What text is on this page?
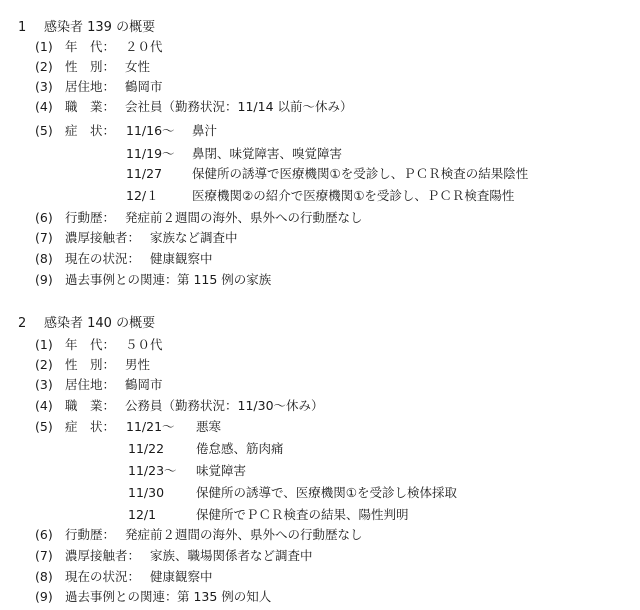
1 感染者 139 の概要
(1) 年　代： ２０代
(2) 性　別： 女性
(3) 居住地： 鶴岡市
(4) 職　業： 会社員（勤務状況：11/14 以前～休み）
(5) 症　状： 11/16～ 鼻汁
11/19～ 鼻閉、味覚障害、嗅覚障害
11/27 保健所の誘導で医療機関①を受診し、ＰＣＲ検査の結果陰性
12/１	医療機関②の紹介で医療機関①を受診し、ＰＣＲ検査陽性
(6) 行動歴： 発症前２週間の海外、県外への行動歴なし
(7) 濃厚接触者： 家族など調査中
(8) 現在の状況： 健康観察中
(9) 過去事例との関連： 第 115 例の家族
2 感染者 140 の概要
(1) 年　代： ５０代
(2) 性　別： 男性
(3) 居住地： 鶴岡市
(4) 職　業： 公務員（勤務状況：11/30～休み）
(5) 症　状： 11/21～ 悪寒
11/22	倦怠感、筋肉痛
11/23～ 味覚障害
11/30	保健所の誘導で、医療機関①を受診し検体採取
12/1	保健所でＰＣＲ検査の結果、陽性判明
(6) 行動歴： 発症前２週間の海外、県外への行動歴なし
(7) 濃厚接触者： 家族、職場関係者など調査中
(8) 現在の状況： 健康観察中
(9) 過去事例との関連： 第 135 例の知人
